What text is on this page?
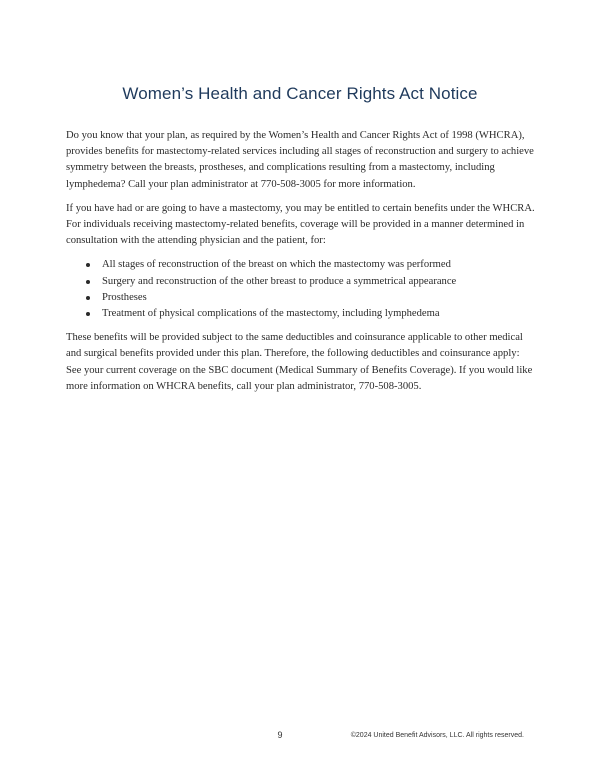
Women’s Health and Cancer Rights Act Notice

Do you know that your plan, as required by the Women’s Health and Cancer Rights Act of 1998 (WHCRA), provides benefits for mastectomy-related services including all stages of reconstruction and surgery to achieve symmetry between the breasts, prostheses, and complications resulting from a mastectomy, including lymphedema? Call your plan administrator at 770-508-3005 for more information.

If you have had or are going to have a mastectomy, you may be entitled to certain benefits under the WHCRA. For individuals receiving mastectomy-related benefits, coverage will be provided in a manner determined in consultation with the attending physician and the patient, for:

All stages of reconstruction of the breast on which the mastectomy was performed
Surgery and reconstruction of the other breast to produce a symmetrical appearance
Prostheses
Treatment of physical complications of the mastectomy, including lymphedema

These benefits will be provided subject to the same deductibles and coinsurance applicable to other medical and surgical benefits provided under this plan. Therefore, the following deductibles and coinsurance apply: See your current coverage on the SBC document (Medical Summary of Benefits Coverage). If you would like more information on WHCRA benefits, call your plan administrator, 770-508-3005.

9	©2024 United Benefit Advisors, LLC. All rights reserved.
